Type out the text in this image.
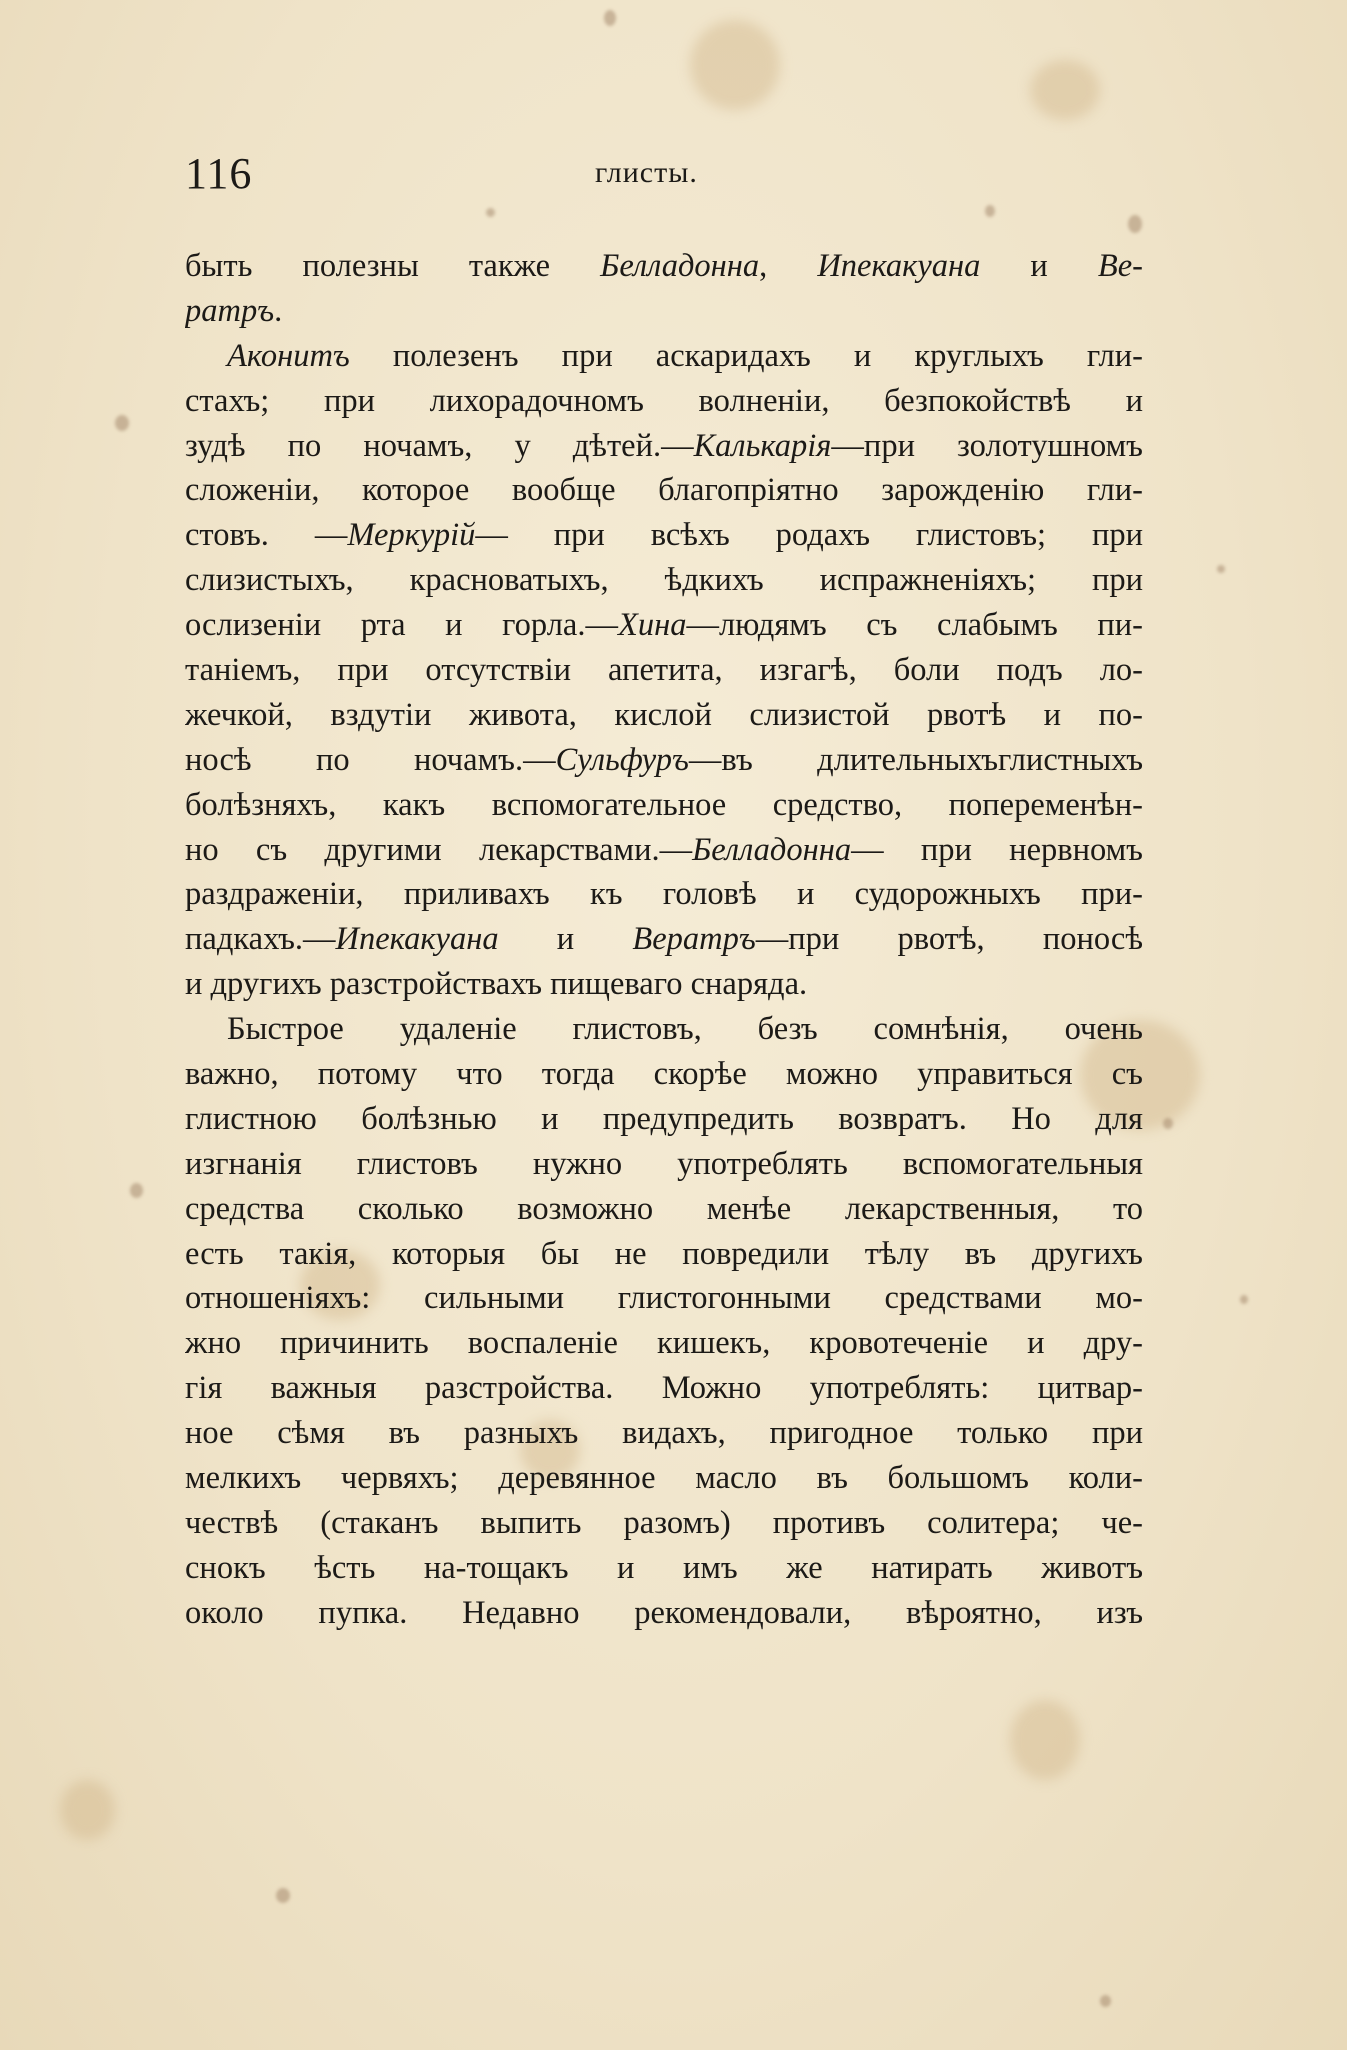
116	глисты.
быть полезны также Белладонна, Ипекакуана и Ве-
ратръ.
Аконитъ полезенъ при аскаридахъ и круглыхъ гли-
стахъ; при лихорадочномъ волненіи, безпокойствѣ и
зудѣ по ночамъ, у дѣтей.—Калькарія—при золотушномъ
сложеніи, которое вообще благопріятно зарожденію гли-
стовъ. —Меркурій— при всѣхъ родахъ глистовъ; при
слизистыхъ, красноватыхъ, ѣдкихъ испражненіяхъ; при
ослизеніи рта и горла.—Хина—людямъ съ слабымъ пи-
таніемъ, при отсутствіи апетита, изгагѣ, боли подъ ло-
жечкой, вздутіи живота, кислой слизистой рвотѣ и по-
носѣ по ночамъ.—Сульфуръ—въ длительныхъглистныхъ
болѣзняхъ, какъ вспомогательное средство, попеременѣн-
но съ другими лекарствами.—Белладонна— при нервномъ
раздраженіи, приливахъ къ головѣ и судорожныхъ при-
падкахъ.—Ипекакуана и Вератръ—при рвотѣ, поносѣ
и другихъ разстройствахъ пищеваго снаряда.
Быстрое удаленіе глистовъ, безъ сомнѣнія, очень
важно, потому что тогда скорѣе можно управиться съ
глистною болѣзнью и предупредить возвратъ. Но для
изгнанія глистовъ нужно употреблять вспомогательныя
средства сколько возможно менѣе лекарственныя, то
есть такія, которыя бы не повредили тѣлу въ другихъ
отношеніяхъ: сильными глистогонными средствами мо-
жно причинить воспаленіе кишекъ, кровотеченіе и дру-
гія важныя разстройства. Можно употреблять: цитвар-
ное сѣмя въ разныхъ видахъ, пригодное только при
мелкихъ червяхъ; деревянное масло въ большомъ коли-
чествѣ (стаканъ выпить разомъ) противъ солитера; че-
снокъ ѣсть на-тощакъ и имъ же натирать животъ
около пупка. Недавно рекомендовали, вѣроятно, изъ
